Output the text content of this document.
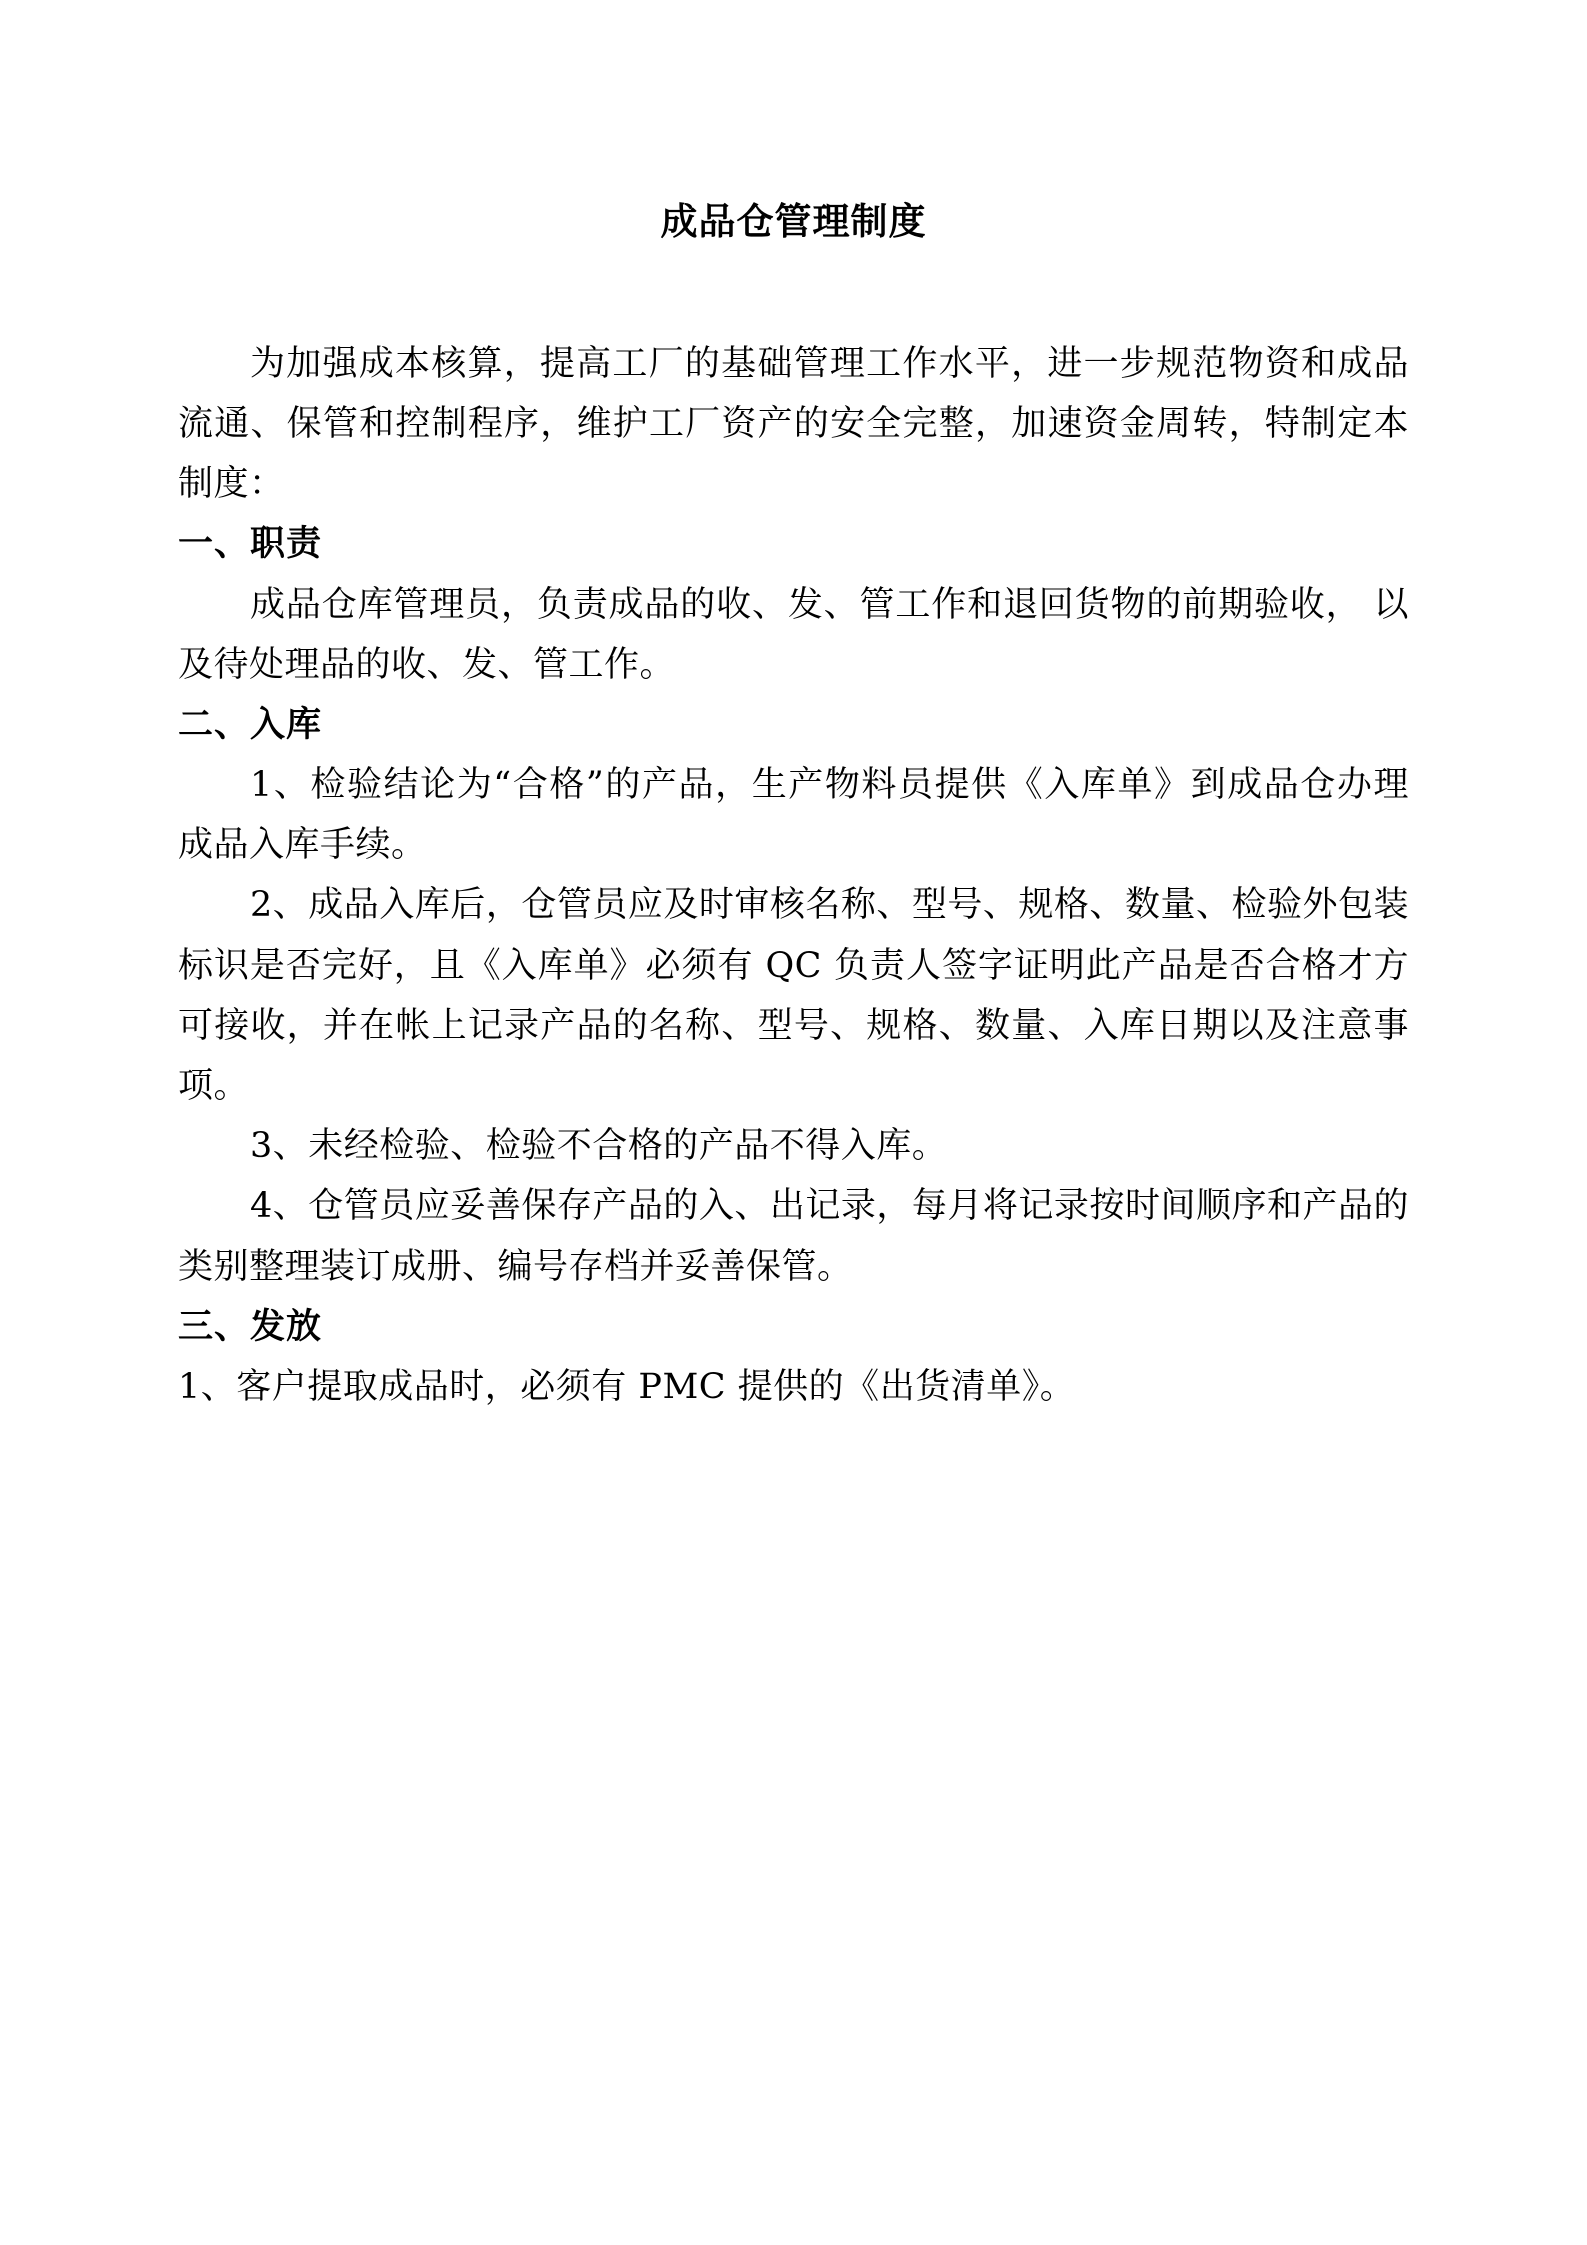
成品仓管理制度

为加强成本核算，提高工厂的基础管理工作水平，进一步规范物资和成品流通、保管和控制程序，维护工厂资产的安全完整，加速资金周转，特制定本制度：

一、职责

成品仓库管理员，负责成品的收、发、管工作和退回货物的前期验收， 以及待处理品的收、发、管工作。

二、入库

1、检验结论为“合格”的产品，生产物料员提供《入库单》到成品仓办理成品入库手续。

2、成品入库后，仓管员应及时审核名称、型号、规格、数量、检验外包装标识是否完好，且《入库单》必须有 QC 负责人签字证明此产品是否合格才方可接收，并在帐上记录产品的名称、型号、规格、数量、入库日期以及注意事项。

3、未经检验、检验不合格的产品不得入库。

4、仓管员应妥善保存产品的入、出记录，每月将记录按时间顺序和产品的类别整理装订成册、编号存档并妥善保管。

三、发放

1、客户提取成品时，必须有 PMC 提供的《出货清单》。
